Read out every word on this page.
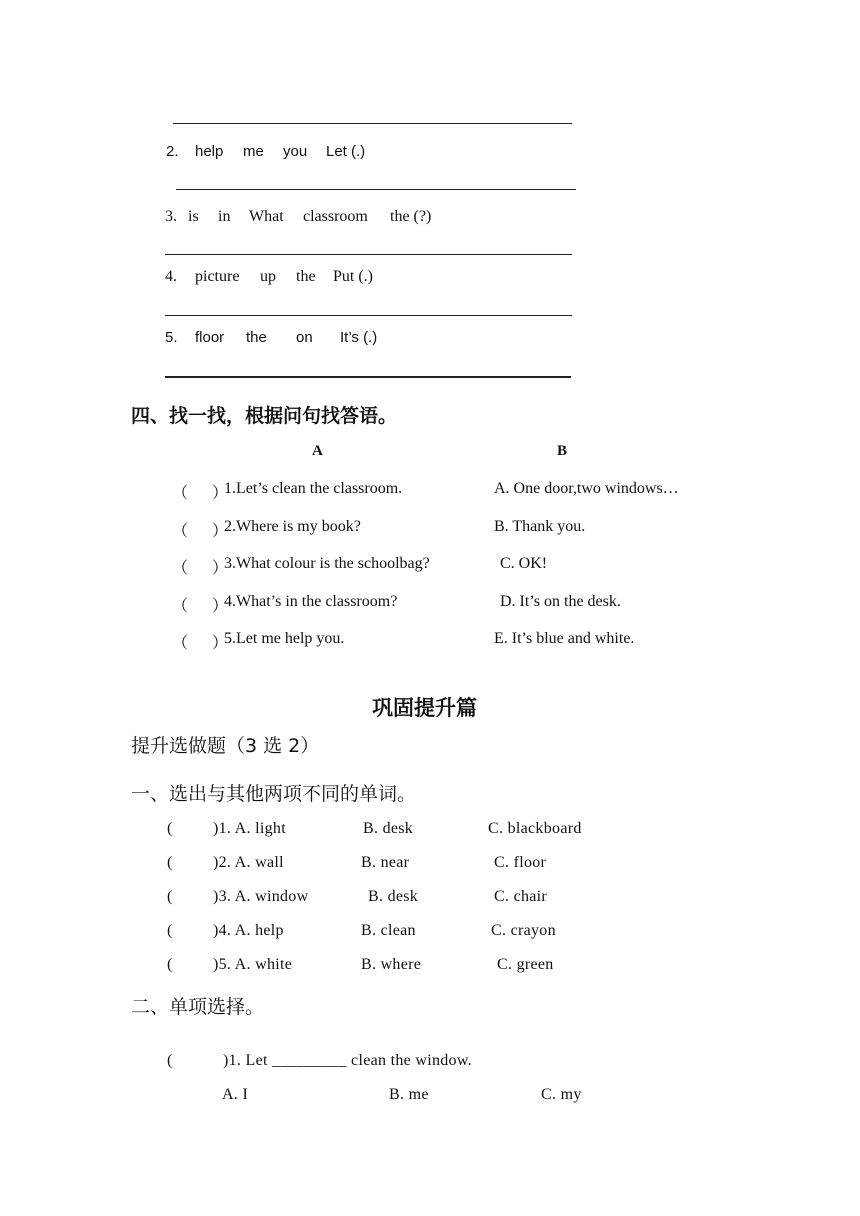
2. help me you Let (.)
3. is in What classroom the (?)
4. picture up the Put (.)
5. floor the on It’s (.)
四、找一找，根据问句找答语。
A	B
（      ）
1.Let’s clean the classroom.	A. One door,two windows…
（      ）
2.Where is my book?	B. Thank you.
（      ）
3.What colour is the schoolbag?	C. OK!
（      ）
4.What’s in the classroom?	D. It’s on the desk.
（      ）
5.Let me help you.	E. It’s blue and white.
巩固提升篇
提升选做题（3 选 2）
一、选出与其他两项不同的单词。
(	)1. A. light	B. desk	C. blackboard
(	)2. A. wall	B. near	C. floor
(	)3. A. window	B. desk	C. chair
(	)4. A. help	B. clean	C. crayon
(	)5. A. white	B. where	C. green
二、单项选择。
(	)1. Let _________ clean the window.
A. I	B. me	C. my
